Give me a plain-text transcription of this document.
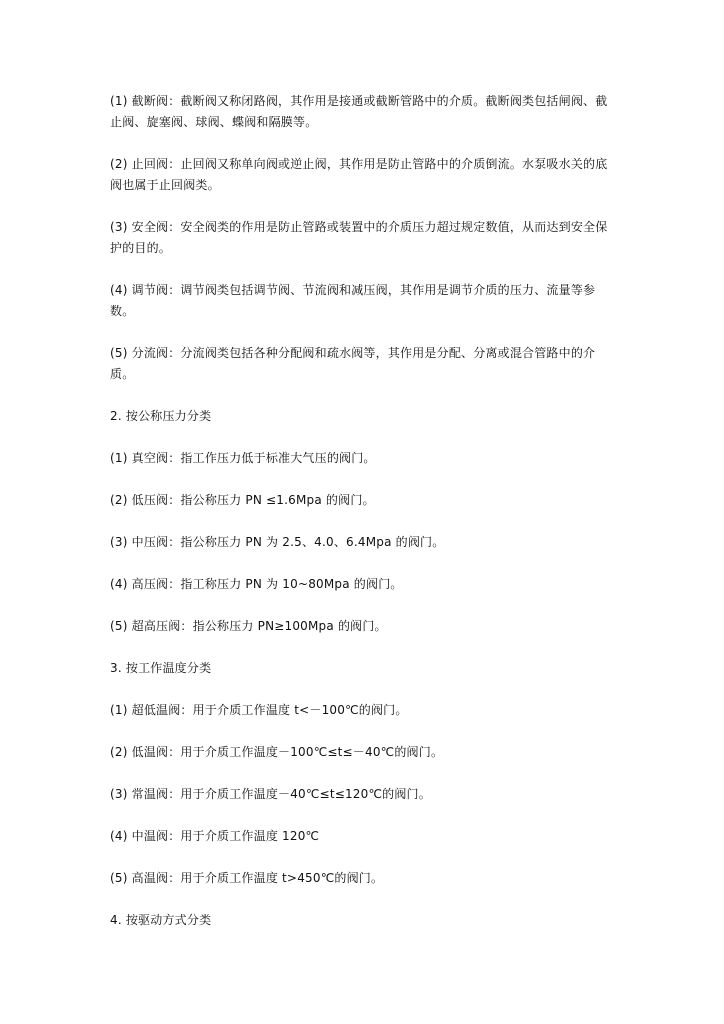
(1) 截断阀：截断阀又称闭路阀，其作用是接通或截断管路中的介质。截断阀类包括闸阀、截止阀、旋塞阀、球阀、蝶阀和隔膜等。

(2) 止回阀：止回阀又称单向阀或逆止阀，其作用是防止管路中的介质倒流。水泵吸水关的底阀也属于止回阀类。

(3) 安全阀：安全阀类的作用是防止管路或装置中的介质压力超过规定数值，从而达到安全保护的目的。

(4) 调节阀：调节阀类包括调节阀、节流阀和减压阀，其作用是调节介质的压力、流量等参数。

(5) 分流阀：分流阀类包括各种分配阀和疏水阀等，其作用是分配、分离或混合管路中的介质。

2. 按公称压力分类

(1) 真空阀：指工作压力低于标准大气压的阀门。

(2) 低压阀：指公称压力 PN ≤1.6Mpa 的阀门。

(3) 中压阀：指公称压力 PN 为 2.5、4.0、6.4Mpa 的阀门。

(4) 高压阀：指工称压力 PN 为 10~80Mpa 的阀门。

(5) 超高压阀：指公称压力 PN≥100Mpa 的阀门。

3. 按工作温度分类

(1) 超低温阀：用于介质工作温度 t<－100℃的阀门。

(2) 低温阀：用于介质工作温度－100℃≤t≤－40℃的阀门。

(3) 常温阀：用于介质工作温度－40℃≤t≤120℃的阀门。

(4) 中温阀：用于介质工作温度 120℃

(5) 高温阀：用于介质工作温度 t>450℃的阀门。

4. 按驱动方式分类
